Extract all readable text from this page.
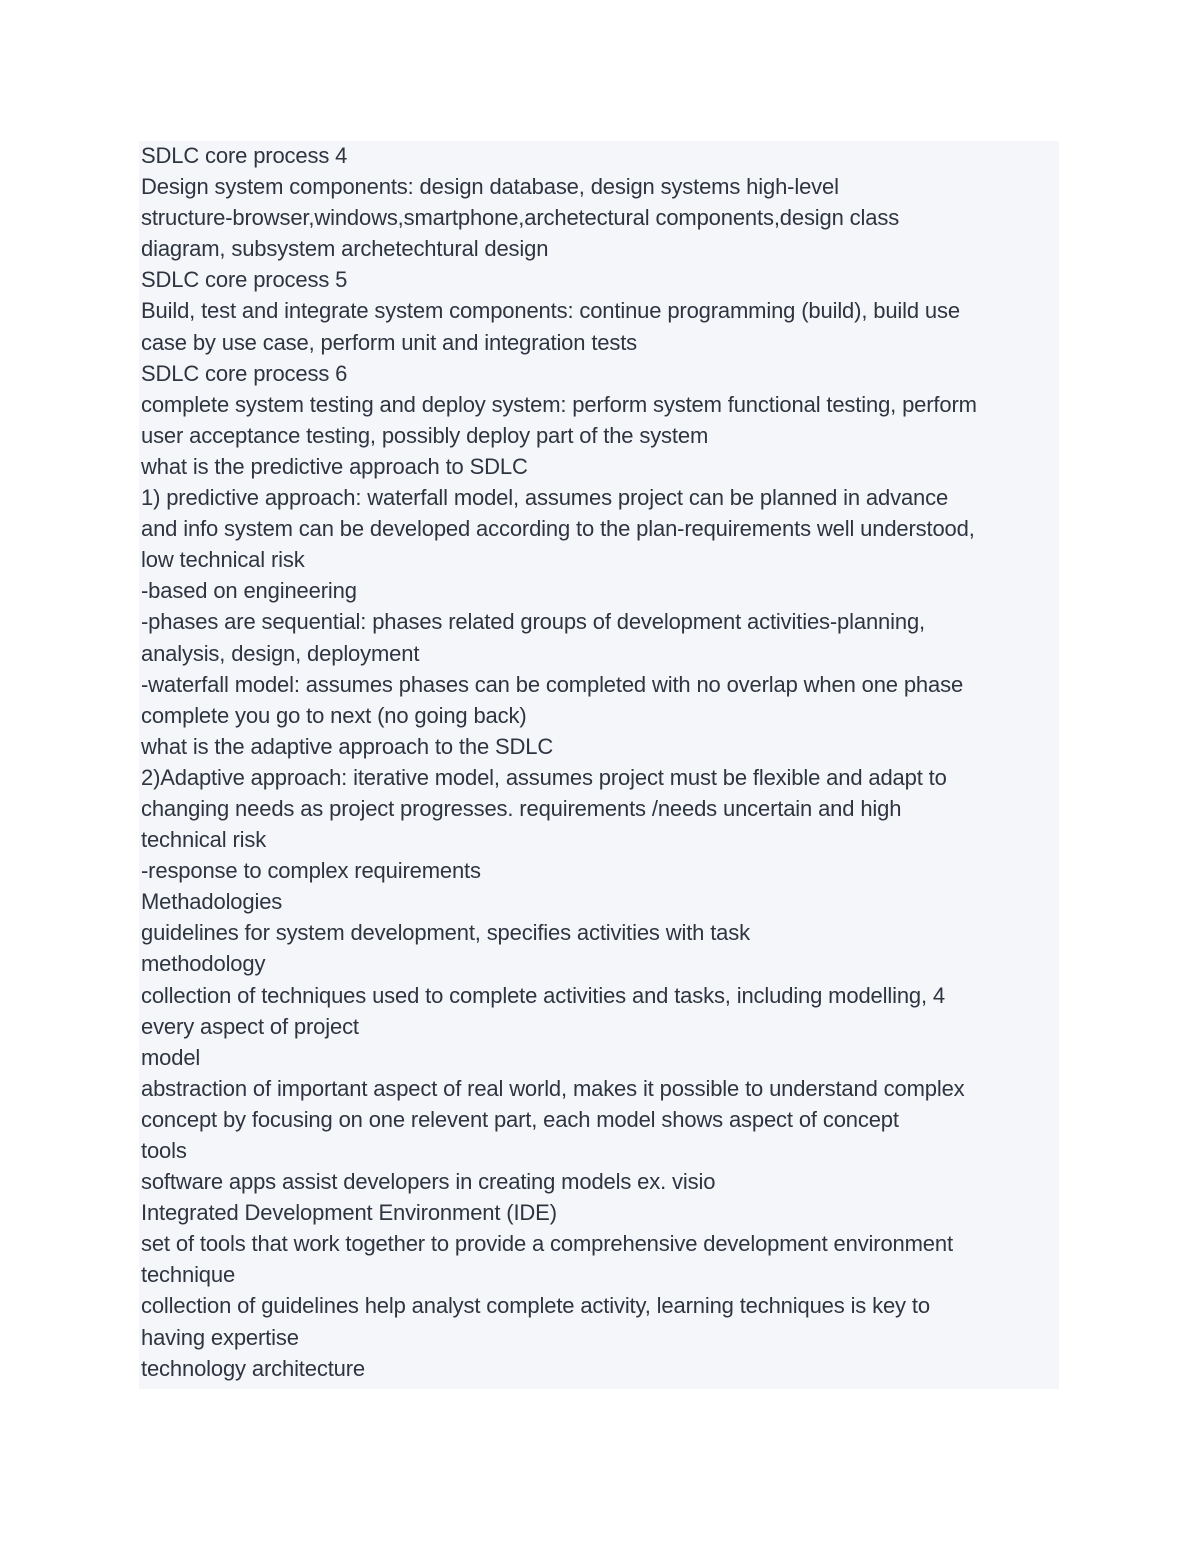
SDLC core process 4
Design system components: design database, design systems high-level
structure-browser,windows,smartphone,archetectural components,design class
diagram, subsystem archetechtural design
SDLC core process 5
Build, test and integrate system components: continue programming (build), build use
case by use case, perform unit and integration tests
SDLC core process 6
complete system testing and deploy system: perform system functional testing, perform
user acceptance testing, possibly deploy part of the system
what is the predictive approach to SDLC
1) predictive approach: waterfall model, assumes project can be planned in advance
and info system can be developed according to the plan-requirements well understood,
low technical risk
-based on engineering
-phases are sequential: phases related groups of development activities-planning,
analysis, design, deployment
-waterfall model: assumes phases can be completed with no overlap when one phase
complete you go to next (no going back)
what is the adaptive approach to the SDLC
2)Adaptive approach: iterative model, assumes project must be flexible and adapt to
changing needs as project progresses. requirements /needs uncertain and high
technical risk
-response to complex requirements
Methadologies
guidelines for system development, specifies activities with task
methodology
collection of techniques used to complete activities and tasks, including modelling, 4
every aspect of project
model
abstraction of important aspect of real world, makes it possible to understand complex
concept by focusing on one relevent part, each model shows aspect of concept
tools
software apps assist developers in creating models ex. visio
Integrated Development Environment (IDE)
set of tools that work together to provide a comprehensive development environment
technique
collection of guidelines help analyst complete activity, learning techniques is key to
having expertise
technology architecture
